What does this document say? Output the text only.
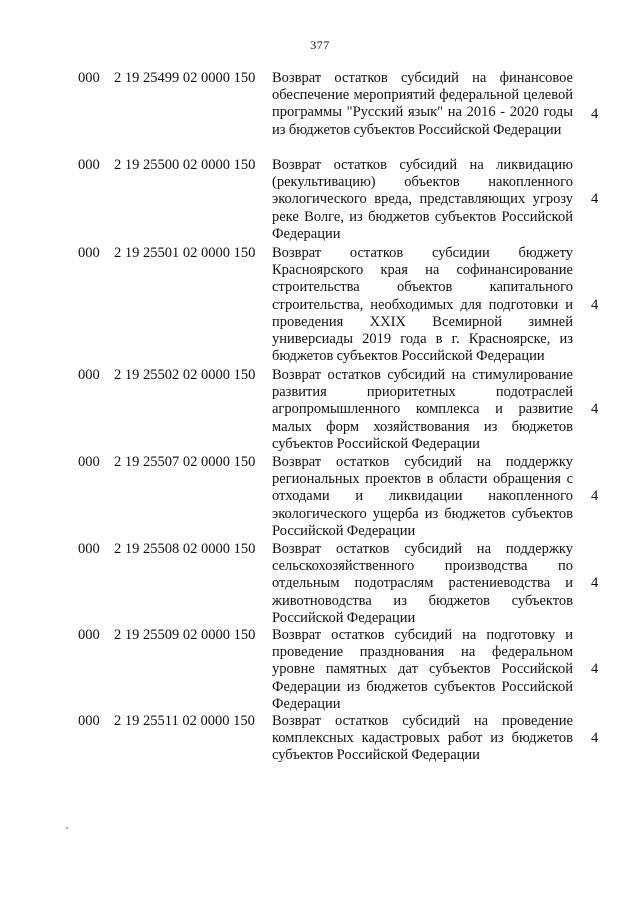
377
000 2 19 25499 02 0000 150 Возврат остатков субсидий на финансовое обеспечение мероприятий федеральной целевой программы "Русский язык" на 2016 - 2020 годы из бюджетов субъектов Российской Федерации
4
000 2 19 25500 02 0000 150 Возврат остатков субсидий на ликвидацию (рекультивацию) объектов накопленного экологического вреда, представляющих угрозу реке Волге, из бюджетов субъектов Российской Федерации
4
000 2 19 25501 02 0000 150 Возврат остатков субсидии бюджету Красноярского края на софинансирование строительства объектов капитального строительства, необходимых для подготовки и проведения XXIX Всемирной зимней универсиады 2019 года в г. Красноярске, из бюджетов субъектов Российской Федерации
4
000 2 19 25502 02 0000 150 Возврат остатков субсидий на стимулирование развития приоритетных подотраслей агропромышленного комплекса и развитие малых форм хозяйствования из бюджетов субъектов Российской Федерации
4
000 2 19 25507 02 0000 150 Возврат остатков субсидий на поддержку региональных проектов в области обращения с отходами и ликвидации накопленного экологического ущерба из бюджетов субъектов Российской Федерации
4
000 2 19 25508 02 0000 150 Возврат остатков субсидий на поддержку сельскохозяйственного производства по отдельным подотраслям растениеводства и животноводства из бюджетов субъектов Российской Федерации
4
000 2 19 25509 02 0000 150 Возврат остатков субсидий на подготовку и проведение празднования на федеральном уровне памятных дат субъектов Российской Федерации из бюджетов субъектов Российской Федерации
4
000 2 19 25511 02 0000 150 Возврат остатков субсидий на проведение комплексных кадастровых работ из бюджетов субъектов Российской Федерации
4
